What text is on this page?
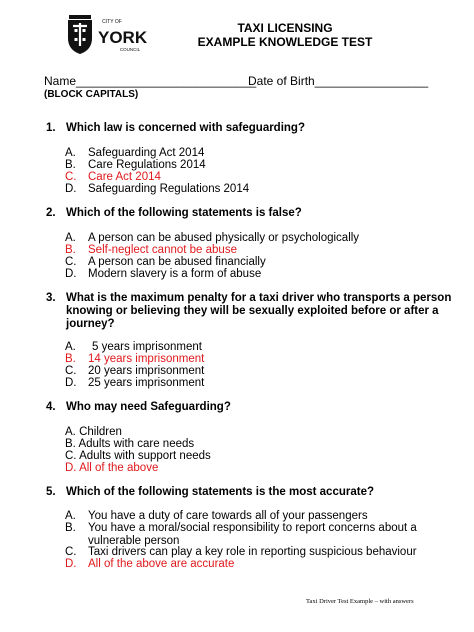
CITY OF
YORK
COUNCIL
TAXI LICENSING
EXAMPLE KNOWLEDGE TEST
Name___________________________
Date of Birth_________________
(BLOCK CAPITALS)
1. Which law is concerned with safeguarding?
A. Safeguarding Act 2014
B. Care Regulations 2014
C. Care Act 2014
D. Safeguarding Regulations 2014
2. Which of the following statements is false?
A. A person can be abused physically or psychologically
B. Self-neglect cannot be abuse
C. A person can be abused financially
D. Modern slavery is a form of abuse
3. What is the maximum penalty for a taxi driver who transports a person
knowing or believing they will be sexually exploited before or after a
journey?
A. 5 years imprisonment
B. 14 years imprisonment
C. 20 years imprisonment
D. 25 years imprisonment
4. Who may need Safeguarding?
A. Children
B. Adults with care needs
C. Adults with support needs
D. All of the above
5. Which of the following statements is the most accurate?
A. You have a duty of care towards all of your passengers
B. You have a moral/social responsibility to report concerns about a
vulnerable person
C. Taxi drivers can play a key role in reporting suspicious behaviour
D. All of the above are accurate
Taxi Driver Test Example – with answers
